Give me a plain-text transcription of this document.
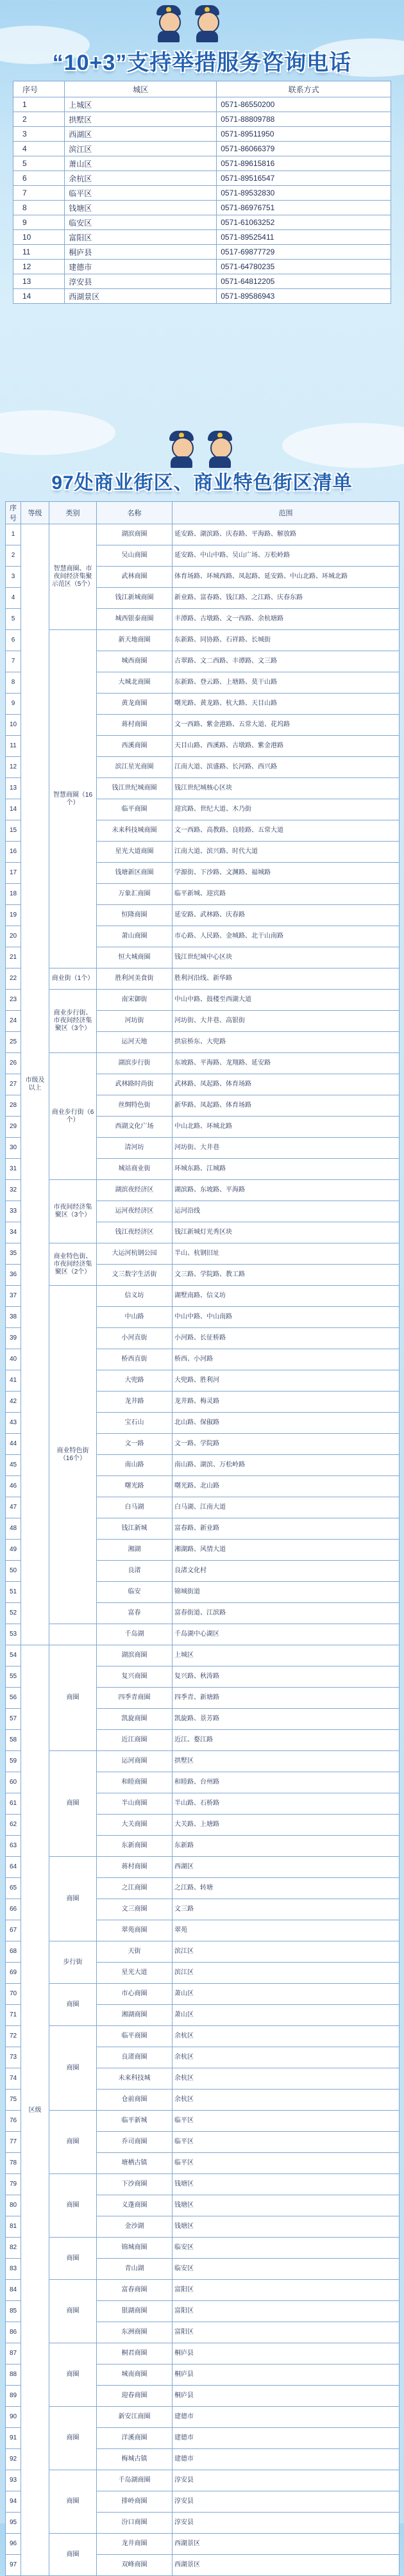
“10+3”支持举措服务咨询电话
序号	城区	联系方式
1	上城区	0571-86550200
2	拱墅区	0571-88809788
3	西湖区	0571-89511950
4	滨江区	0571-86066379
5	萧山区	0571-89615816
6	余杭区	0571-89516547
7	临平区	0571-89532830
8	钱塘区	0571-86976751
9	临安区	0571-61063252
10	富阳区	0571-89525411
11	桐庐县	0517-69877729
12	建德市	0571-64780235
13	淳安县	0571-64812205
14	西湖景区	0571-89586943
97处商业街区、商业特色街区清单
序号	等级	类别	名称	范围
1	市级及以上	智慧商圈、市夜间经济集聚示范区（5个）	湖滨商圈	延安路、湖滨路、庆春路、平海路、解放路
2			吴山商圈	延安路、中山中路、吴山广场、万松岭路
3			武林商圈	体育场路、环城西路、凤起路、延安路、中山北路、环城北路
4			钱江新城商圈	新业路、富春路、钱江路、之江路、庆春东路
5			城西银泰商圈	丰潭路、古墩路、文一西路、余杭塘路
6		智慧商圈（16个）	新天地商圈	东新路、同协路、石祥路、长城街
7			城西商圈	古翠路、文二西路、丰谭路、文三路
8			大城北商圈	东新路、登云路、上塘路、莫干山路
9			黄龙商圈	曙光路、黄龙路、杭大路、天目山路
10			蒋村商圈	文一西路、紫金港路、五常大道、花坞路
11			西溪商圈	天目山路、西溪路、古墩路、紫金港路
12			滨江星光商圈	江南大道、滨盛路、长河路、西兴路
13			钱江世纪城商圈	钱江世纪城核心区块
14			临平商圈	迎宾路、世纪大道、木乃街
15			未来科技城商圈	文一西路、高教路、良睦路、五常大道
16			星光大道商圈	江南大道、滨兴路、时代大道
17			钱塘新区商圈	学源街、下沙路、文渊路、福城路
18			万象汇商圈	临平新城、迎宾路
19			恒隆商圈	延安路、武林路、庆春路
20			萧山商圈	市心路、人民路、金城路、北干山南路
21			恒大城商圈	钱江世纪城中心区块
22		商业街（1个）	胜利河美食街	胜利河沿线、新华路
23		商业步行街、市夜间经济集聚区（3个）	南宋御街	中山中路、鼓楼至西湖大道
24			河坊街	河坊街、大井巷、高银街
25			运河天地	拱宸桥东、大兜路
26		商业步行街（6个）	湖滨步行街	东坡路、平海路、龙翔路、延安路
27			武林路时尚街	武林路、凤起路、体育场路
28			丝绸特色街	新华路、凤起路、体育场路
29			西湖文化广场	中山北路、环城北路
30			清河坊	河坊街、大井巷
31			城站商业街	环城东路、江城路
32		市夜间经济集聚区（3个）	湖滨夜经济区	湖滨路、东坡路、平海路
33			运河夜经济区	运河沿线
34			钱江夜经济区	钱江新城灯光秀区块
35		商业特色街、市夜间经济集聚区（2个）	大运河杭钢公园	半山、杭钢旧址
36			文三数字生活街	文三路、学院路、教工路
37		商业特色街（16个）	信义坊	湖墅南路、信义坊
38			中山路	中山中路、中山南路
39			小河直街	小河路、长征桥路
40			桥西直街	桥西、小河路
41			大兜路	大兜路、胜利河
42			龙井路	龙井路、梅灵路
43			宝石山	北山路、保俶路
44			文一路	文一路、学院路
45			南山路	南山路、湖滨、万松岭路
46			曙光路	曙光路、北山路
47			白马湖	白马湖、江南大道
48			钱江新城	富春路、新业路
49			湘湖	湘湖路、风情大道
50			良渚	良渚文化村
51			临安	锦城街道
52			富春	富春街道、江滨路
53			千岛湖	千岛湖中心湖区
54	区级	商圈	湖滨商圈	上城区
55			复兴商圈	复兴路、秋涛路
56			四季青商圈	四季青、新塘路
57			凯旋商圈	凯旋路、景芳路
58			近江商圈	近江、婺江路
59		商圈	运河商圈	拱墅区
60			和睦商圈	和睦路、台州路
61			半山商圈	半山路、石桥路
62			大关商圈	大关路、上塘路
63			东新商圈	东新路
64		商圈	蒋村商圈	西湖区
65			之江商圈	之江路、转塘
66			文三商圈	文三路
67			翠苑商圈	翠苑
68		步行街	天街	滨江区
69			星光大道	滨江区
70		商圈	市心商圈	萧山区
71			湘湖商圈	萧山区
72		商圈	临平商圈	余杭区
73			良渚商圈	余杭区
74			未来科技城	余杭区
75			仓前商圈	余杭区
76		商圈	临平新城	临平区
77			乔司商圈	临平区
78			塘栖古镇	临平区
79		商圈	下沙商圈	钱塘区
80			义蓬商圈	钱塘区
81			金沙湖	钱塘区
82		商圈	锦城商圈	临安区
83			青山湖	临安区
84		商圈	富春商圈	富阳区
85			银湖商圈	富阳区
86			东洲商圈	富阳区
87		商圈	桐君商圈	桐庐县
88			城南商圈	桐庐县
89			迎春商圈	桐庐县
90		商圈	新安江商圈	建德市
91			洋溪商圈	建德市
92			梅城古镇	建德市
93		商圈	千岛湖商圈	淳安县
94			排岭商圈	淳安县
95			汾口商圈	淳安县
96		商圈	龙井商圈	西湖景区
97			双峰商圈	西湖景区
